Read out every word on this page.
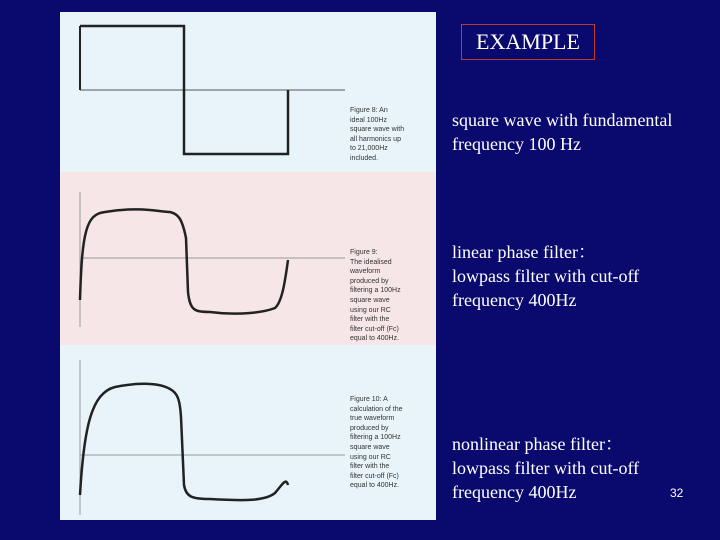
Figure 8: An
ideal 100Hz
square wave with
all harmonics up
to 21,000Hz
included.
Figure 9:
The idealised
waveform
produced by
filtering a 100Hz
square wave
using our RC
filter with the
filter cut-off (Fc)
equal to 400Hz.
Figure 10: A
calculation of the
true waveform
produced by
filtering a 100Hz
square wave
using our RC
filter with the
filter cut-off (Fc)
equal to 400Hz.
EXAMPLE
square wave with fundamental
frequency 100 Hz
linear phase filter：
lowpass filter with cut-off
frequency 400Hz
nonlinear phase filter：
lowpass filter with cut-off
frequency 400Hz	32
